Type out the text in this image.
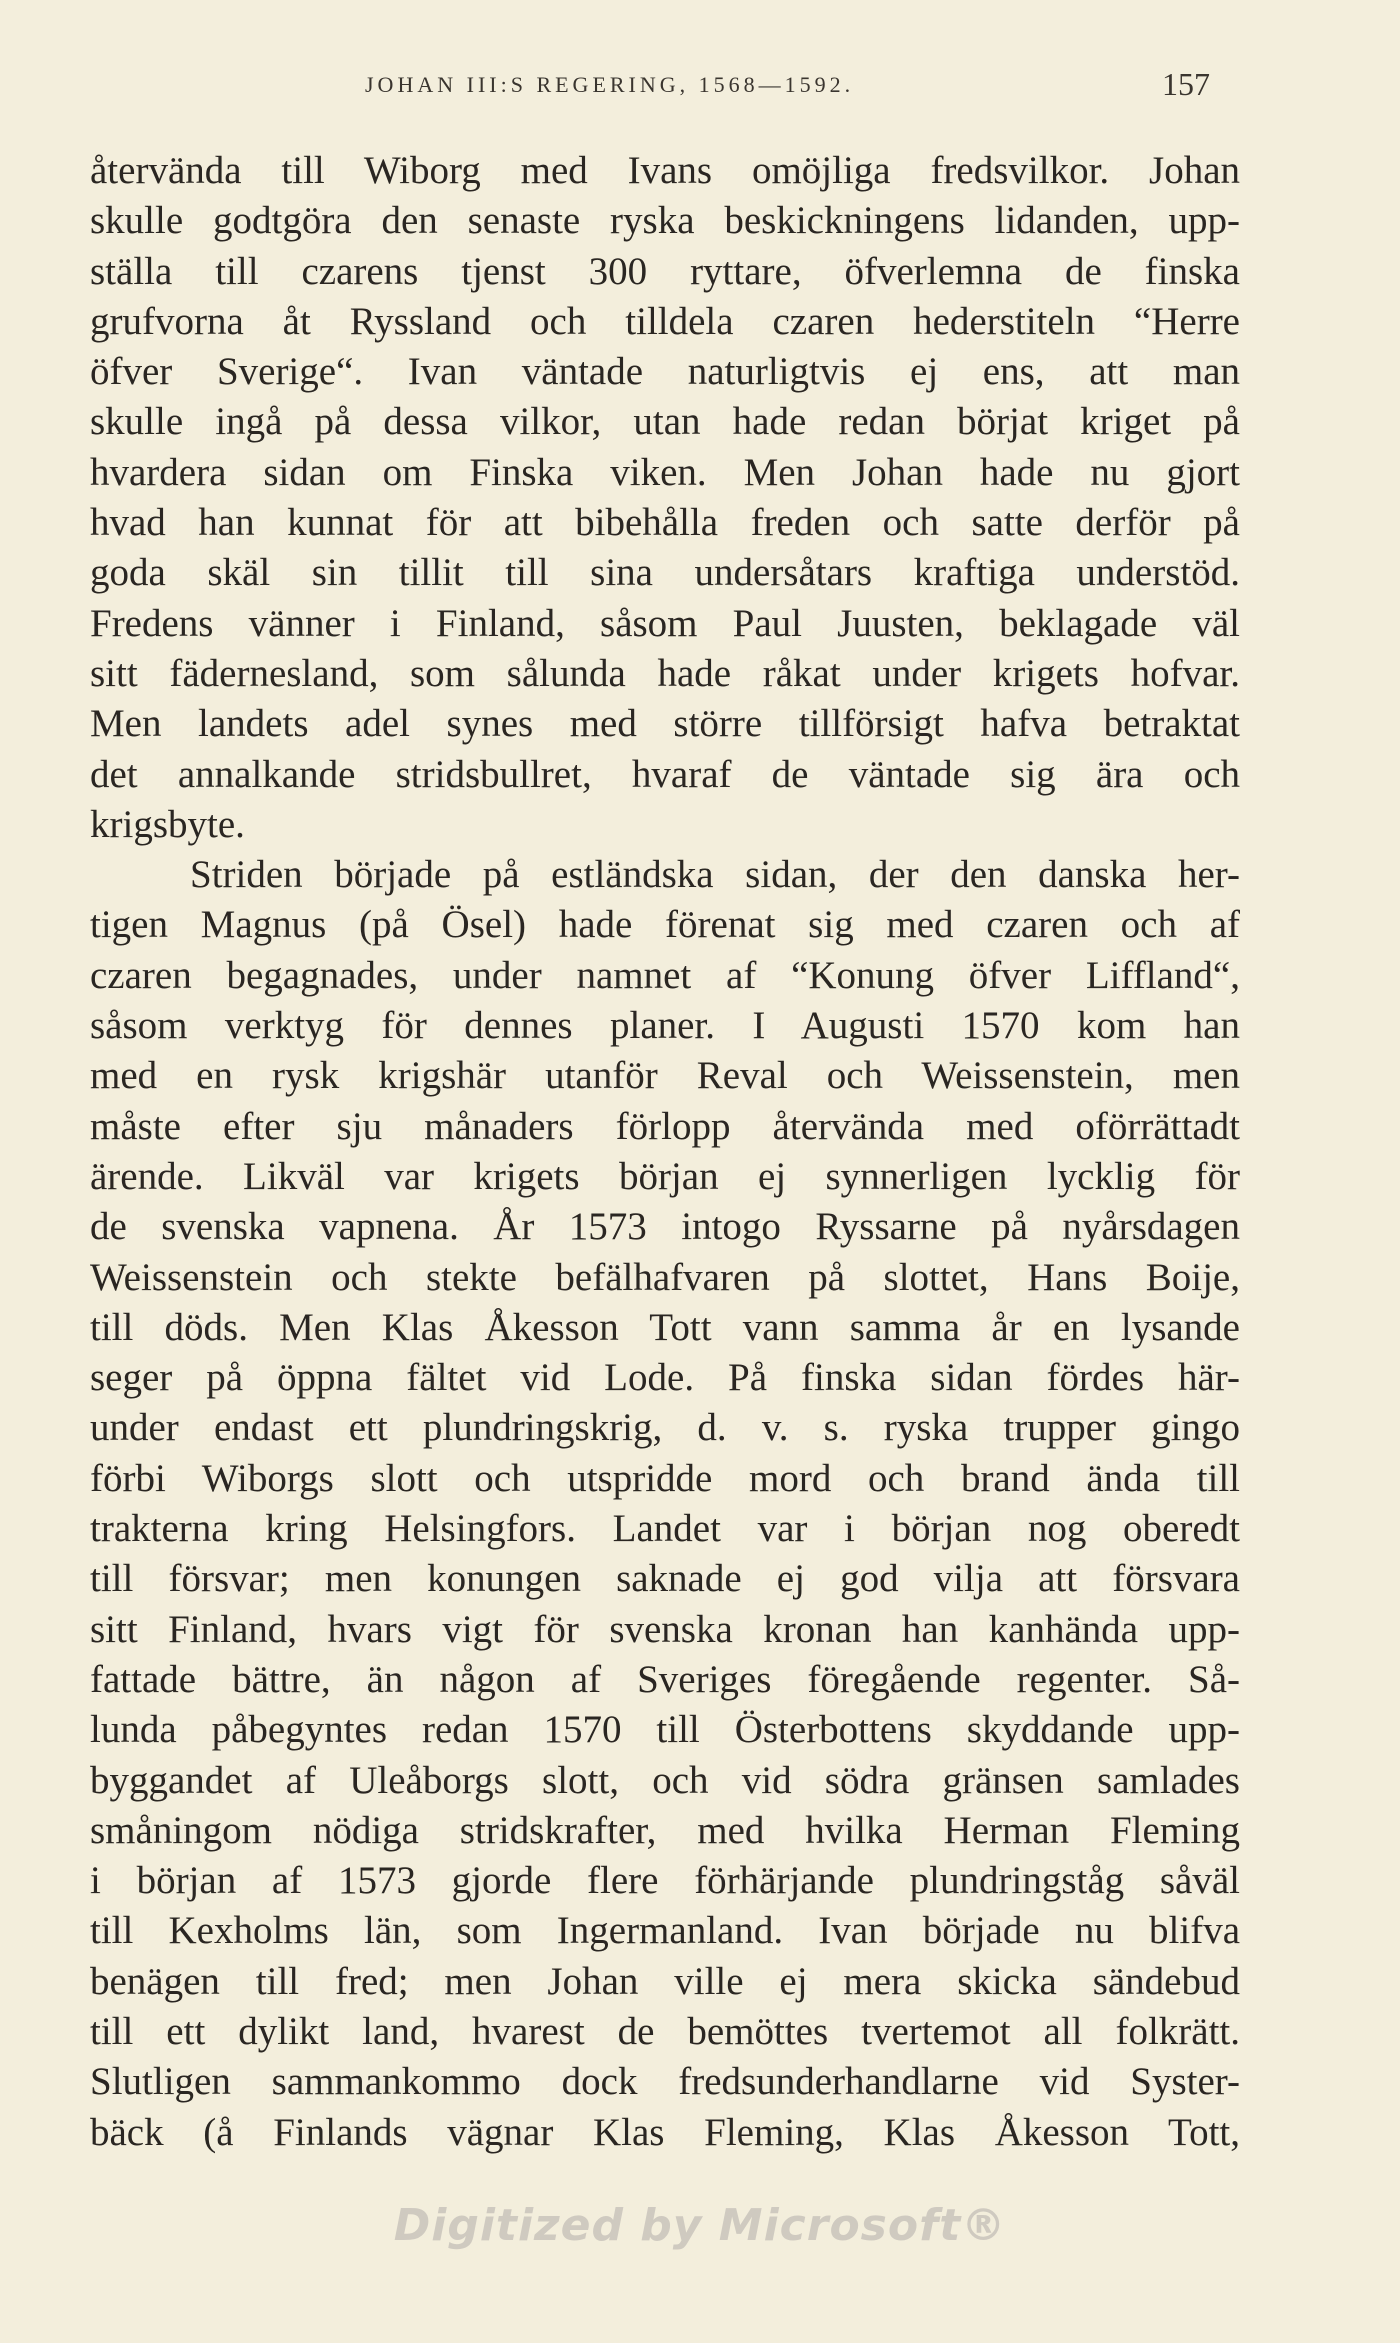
JOHAN III:S REGERING, 1568—1592.	157
återvända till Wiborg med Ivans omöjliga fredsvilkor. Johan
skulle godtgöra den senaste ryska beskickningens lidanden, upp-
ställa till czarens tjenst 300 ryttare, öfverlemna de finska
grufvorna åt Ryssland och tilldela czaren hederstiteln “Herre
öfver Sverige“. Ivan väntade naturligtvis ej ens, att man
skulle ingå på dessa vilkor, utan hade redan börjat kriget på
hvardera sidan om Finska viken. Men Johan hade nu gjort
hvad han kunnat för att bibehålla freden och satte derför på
goda skäl sin tillit till sina undersåtars kraftiga understöd.
Fredens vänner i Finland, såsom Paul Juusten, beklagade väl
sitt fädernesland, som sålunda hade råkat under krigets hofvar.
Men landets adel synes med större tillförsigt hafva betraktat
det annalkande stridsbullret, hvaraf de väntade sig ära och
krigsbyte.
Striden började på estländska sidan, der den danska her-
tigen Magnus (på Ösel) hade förenat sig med czaren och af
czaren begagnades, under namnet af “Konung öfver Liffland“,
såsom verktyg för dennes planer. I Augusti 1570 kom han
med en rysk krigshär utanför Reval och Weissenstein, men
måste efter sju månaders förlopp återvända med oförrättadt
ärende. Likväl var krigets början ej synnerligen lycklig för
de svenska vapnena. År 1573 intogo Ryssarne på nyårsdagen
Weissenstein och stekte befälhafvaren på slottet, Hans Boije,
till döds. Men Klas Åkesson Tott vann samma år en lysande
seger på öppna fältet vid Lode. På finska sidan fördes här-
under endast ett plundringskrig, d. v. s. ryska trupper gingo
förbi Wiborgs slott och utspridde mord och brand ända till
trakterna kring Helsingfors. Landet var i början nog oberedt
till försvar; men konungen saknade ej god vilja att försvara
sitt Finland, hvars vigt för svenska kronan han kanhända upp-
fattade bättre, än någon af Sveriges föregående regenter. Så-
lunda påbegyntes redan 1570 till Österbottens skyddande upp-
byggandet af Uleåborgs slott, och vid södra gränsen samlades
småningom nödiga stridskrafter, med hvilka Herman Fleming
i början af 1573 gjorde flere förhärjande plundringståg såväl
till Kexholms län, som Ingermanland. Ivan började nu blifva
benägen till fred; men Johan ville ej mera skicka sändebud
till ett dylikt land, hvarest de bemöttes tvertemot all folkrätt.
Slutligen sammankommo dock fredsunderhandlarne vid Syster-
bäck (å Finlands vägnar Klas Fleming, Klas Åkesson Tott,
Digitized by Microsoft®
